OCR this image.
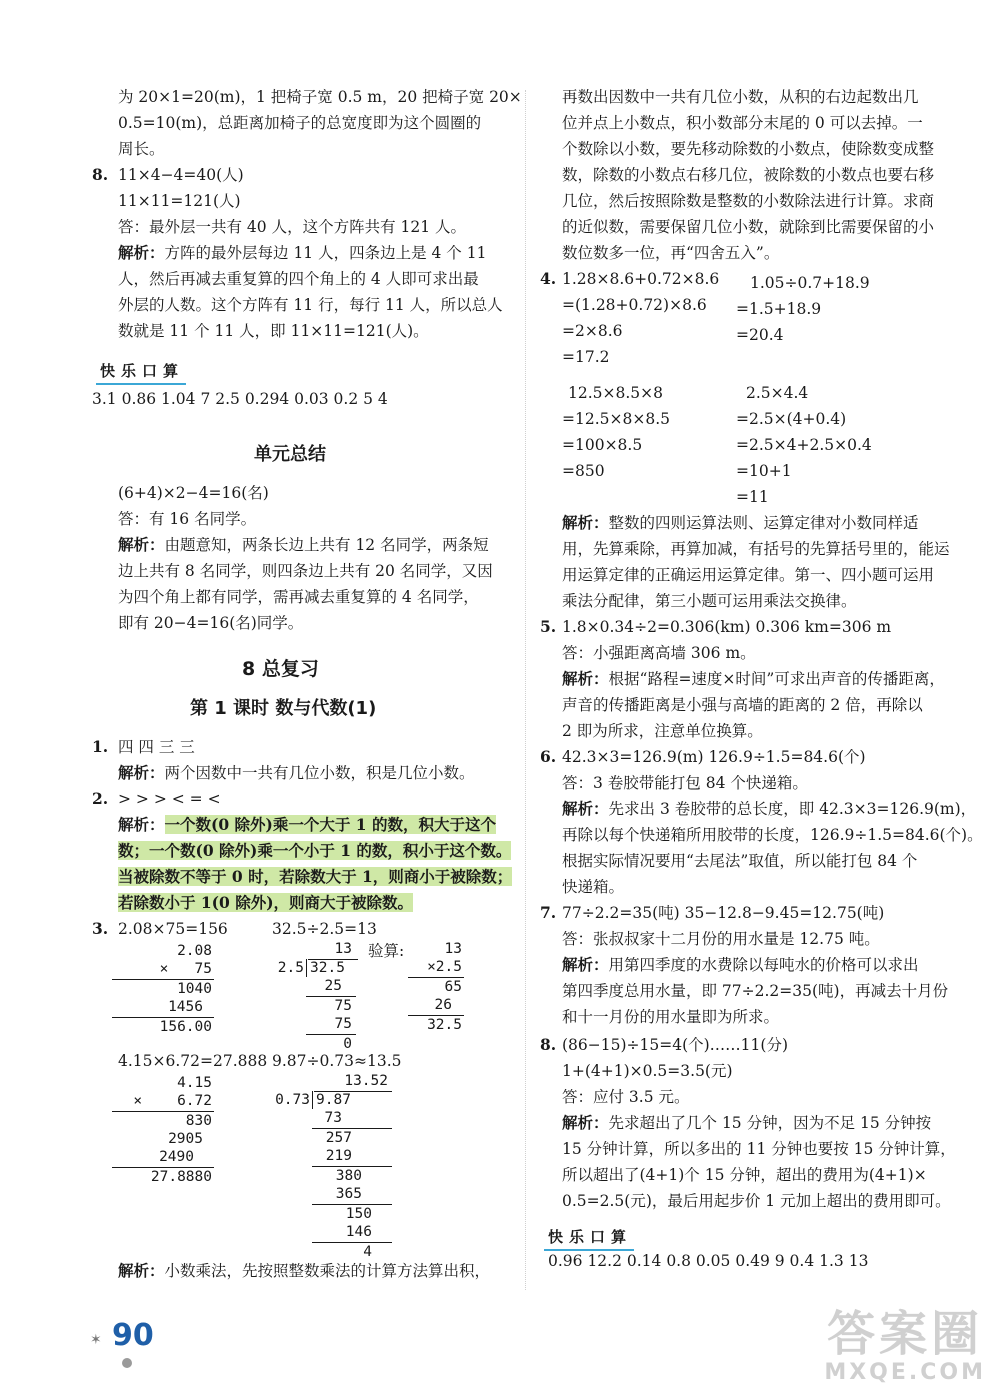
为 20×1=20(m)，1 把椅子宽 0.5 m，20 把椅子宽 20×
0.5=10(m)，总距离加椅子的总宽度即为这个圆圈的
周长。
8. 11×4−4=40(人)
11×11=121(人)
答：最外层一共有 40 人，这个方阵共有 121 人。
解析：方阵的最外层每边 11 人，四条边上是 4 个 11
人，然后再减去重复算的四个角上的 4 人即可求出最
外层的人数。这个方阵有 11 行，每行 11 人，所以总人
数就是 11 个 11 人，即 11×11=121(人)。
快乐口算
3.1 0.86 1.04 7 2.5 0.294 0.03 0.2 5 4
单元总结
(6+4)×2−4=16(名)
答：有 16 名同学。
解析：由题意知，两条长边上共有 12 名同学，两条短
边上共有 8 名同学，则四条边上共有 20 名同学，又因
为四个角上都有同学，需再减去重复算的 4 名同学，
即有 20−4=16(名)同学。
8 总复习
第 1 课时 数与代数(1)
1. 四 四 三 三
解析：两个因数中一共有几位小数，积是几位小数。
2. > > > < = <
解析：一个数(0 除外)乘一个大于 1 的数，积大于这个
数；一个数(0 除外)乘一个小于 1 的数，积小于这个数。
当被除数不等于 0 时，若除数大于 1，则商小于被除数；
若除数小于 1(0 除外)，则商大于被除数。
3. 2.08×75=156	32.5÷2.5=13
2.08
×   75
1040
1456
156.00
13
2.5 32.5
25
75
75
0
验算:	13
×2.5
65
26
32.5
4.15×6.72=27.888 9.87÷0.73≈13.5
4.15
×    6.72
830
2905
2490
27.8880
13.52
0.73 9.87
73
257
219
380
365
150
146
4
解析：小数乘法，先按照整数乘法的计算方法算出积，
再数出因数中一共有几位小数，从积的右边起数出几
位并点上小数点，积小数部分末尾的 0 可以去掉。一
个数除以小数，要先移动除数的小数点，使除数变成整
数，除数的小数点右移几位，被除数的小数点也要右移
几位，然后按照除数是整数的小数除法进行计算。求商
的近似数，需要保留几位小数，就除到比需要保留的小
数位数多一位，再“四舍五入”。
4. 1.28×8.6+0.72×8.6
=(1.28+0.72)×8.6
=2×8.6
=17.2
1.05÷0.7+18.9
=1.5+18.9
=20.4
12.5×8.5×8
=12.5×8×8.5
=100×8.5
=850
2.5×4.4
=2.5×(4+0.4)
=2.5×4+2.5×0.4
=10+1
=11
解析：整数的四则运算法则、运算定律对小数同样适
用，先算乘除，再算加减，有括号的先算括号里的，能运
用运算定律的正确运用运算定律。第一、四小题可运用
乘法分配律，第三小题可运用乘法交换律。
5. 1.8×0.34÷2=0.306(km) 0.306 km=306 m
答：小强距离高墙 306 m。
解析：根据“路程=速度×时间”可求出声音的传播距离，
声音的传播距离是小强与高墙的距离的 2 倍，再除以
2 即为所求，注意单位换算。
6. 42.3×3=126.9(m) 126.9÷1.5=84.6(个)
答：3 卷胶带能打包 84 个快递箱。
解析：先求出 3 卷胶带的总长度，即 42.3×3=126.9(m)，
再除以每个快递箱所用胶带的长度，126.9÷1.5=84.6(个)。
根据实际情况要用“去尾法”取值，所以能打包 84 个
快递箱。
7. 77÷2.2=35(吨) 35−12.8−9.45=12.75(吨)
答：张叔叔家十二月份的用水量是 12.75 吨。
解析：用第四季度的水费除以每吨水的价格可以求出
第四季度总用水量，即 77÷2.2=35(吨)，再减去十月份
和十一月份的用水量即为所求。
8. (86−15)÷15=4(个)……11(分)
1+(4+1)×0.5=3.5(元)
答：应付 3.5 元。
解析：先求超出了几个 15 分钟，因为不足 15 分钟按
15 分钟计算，所以多出的 11 分钟也要按 15 分钟计算，
所以超出了(4+1)个 15 分钟，超出的费用为(4+1)×
0.5=2.5(元)，最后用起步价 1 元加上超出的费用即可。
快乐口算
0.96 12.2 0.14 0.8 0.05 0.49 9 0.4 1.3 13
✶ 90	答案圈
MXQE.COM
